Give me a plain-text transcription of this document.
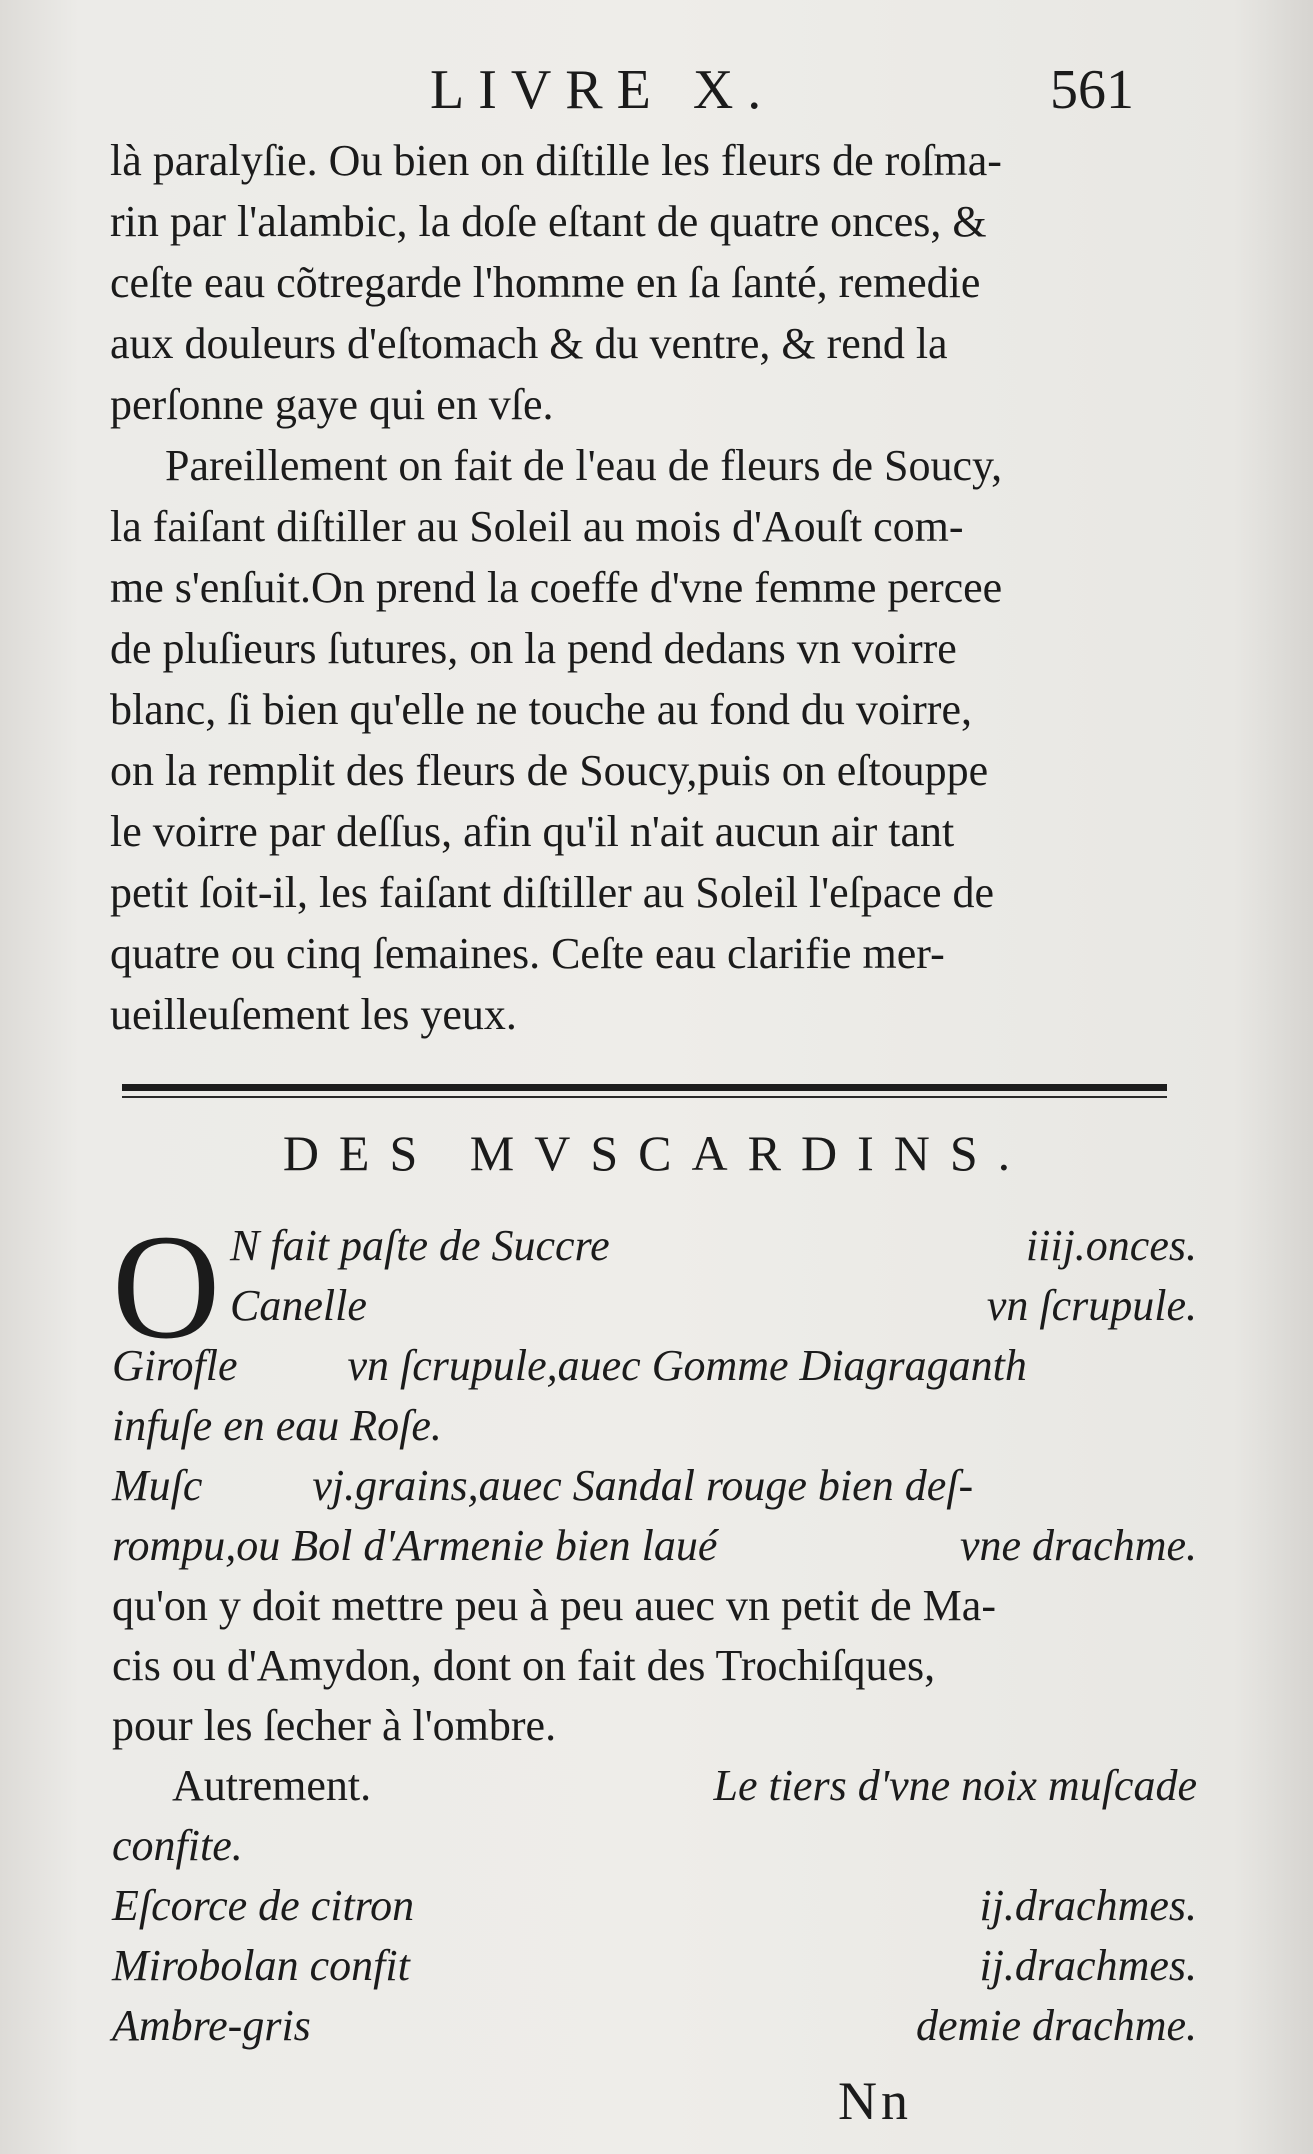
LIVRE X.	561
là paralyſie. Ou bien on diſtille les fleurs de roſma-
rin par l'alambic, la doſe eſtant de quatre onces, &
ceſte eau cõtregarde l'homme en ſa ſanté, remedie
aux douleurs d'eſtomach & du ventre, & rend la
perſonne gaye qui en vſe.
Pareillement on fait de l'eau de fleurs de Soucy,
la faiſant diſtiller au Soleil au mois d'Aouſt com-
me s'enſuit.On prend la coeffe d'vne femme percee
de pluſieurs ſutures, on la pend dedans vn voirre
blanc, ſi bien qu'elle ne touche au fond du voirre,
on la remplit des fleurs de Soucy,puis on eſtouppe
le voirre par deſſus, afin qu'il n'ait aucun air tant
petit ſoit-il, les faiſant diſtiller au Soleil l'eſpace de
quatre ou cinq ſemaines. Ceſte eau clarifie mer-
ueilleuſement les yeux.
DES MVSCARDINS.
O N fait paſte de Succre	iiij.onces.
Canelle	vn ſcrupule.
Girofle          vn ſcrupule,auec Gomme Diagraganth
infuſe en eau Roſe.
Muſc          vj.grains,auec Sandal rouge bien deſ-
rompu,ou Bol d'Armenie bien laué	vne drachme.
qu'on y doit mettre peu à peu auec vn petit de Ma-
cis ou d'Amydon, dont on fait des Trochiſques,
pour les ſecher à l'ombre.
Autrement.	Le tiers d'vne noix muſcade
confite.
Eſcorce de citron	ij.drachmes.
Mirobolan confit	ij.drachmes.
Ambre-gris	demie drachme.
Nn
